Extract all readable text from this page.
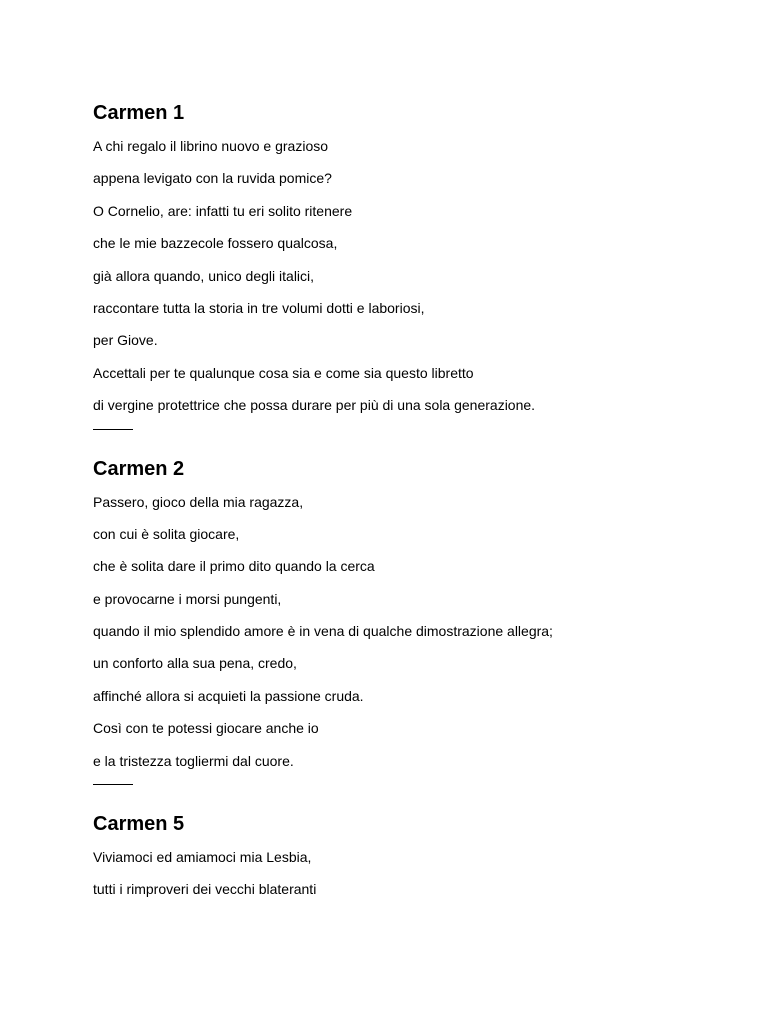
Carmen 1
A chi regalo il librino nuovo e grazioso
appena levigato con la ruvida pomice?
O Cornelio, are: infatti tu eri solito ritenere
che le mie bazzecole fossero qualcosa,
già allora quando, unico degli italici,
raccontare tutta la storia in tre volumi dotti e laboriosi,
per Giove.
Accettali per te qualunque cosa sia e come sia questo libretto
di vergine protettrice che possa durare per più di una sola generazione.
Carmen 2
Passero, gioco della mia ragazza,
con cui è solita giocare,
che è solita dare il primo dito quando la cerca
e provocarne i morsi pungenti,
quando il mio splendido amore è in vena di qualche dimostrazione allegra;
un conforto alla sua pena, credo,
affinché allora si acquieti la passione cruda.
Così con te potessi giocare anche io
e la tristezza togliermi dal cuore.
Carmen 5
Viviamoci ed amiamoci mia Lesbia,
tutti i rimproveri dei vecchi blateranti
